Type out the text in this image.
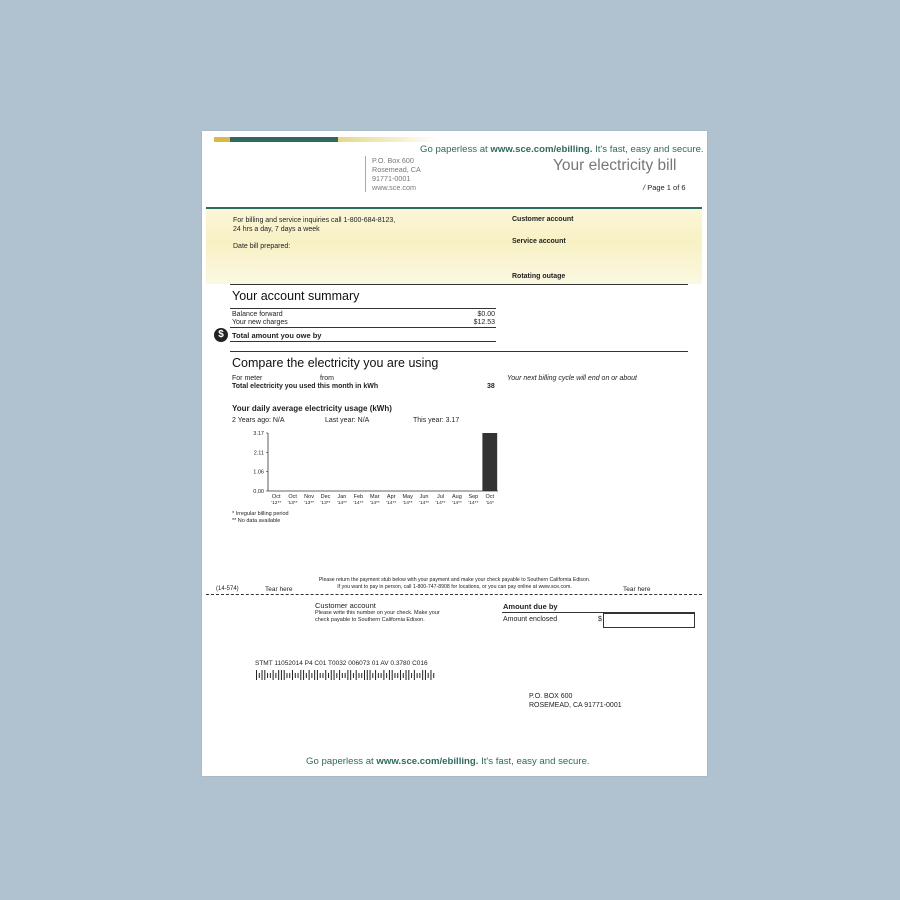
Go paperless at www.sce.com/ebilling. It's fast, easy and secure.
P.O. Box 600
Rosemead, CA
91771-0001
www.sce.com
Your electricity bill
/ Page 1 of 6
For billing and service inquiries call 1-800-684-8123,
24 hrs a day, 7 days a week
Date bill prepared:
Customer account
Service account
Rotating outage
Your account summary
Balance forward	$0.00
Your new charges	$12.53
$	Total amount you owe by
Compare the electricity you are using
For meter	from
Total electricity you used this month in kWh	38
Your next billing cycle will end on or about
Your daily average electricity usage (kWh)
2 Years ago: N/A	Last year: N/A	This year: 3.17
3.17
2.11
1.06
0.00
Oct
'12**
Oct
'13**
Nov
'13**
Dec
'13**
Jan
'14**
Feb
'14**
Mar
'14**
Apr
'14**
May
'14**
Jun
'14**
Jul
'14**
Aug
'14**
Sep
'14**
Oct
'14*
* Irregular billing period
** No data available
Please return the payment stub below with your payment and make your check payable to Southern California Edison.
If you want to pay in person, call 1-800-747-8908 for locations, or you can pay online at www.sce.com.
(14-574)	Tear here	Tear here
Customer account
Please write this number on your check. Make your
check payable to Southern California Edison.
Amount due by
Amount enclosed	$
STMT 11052014 P4 C01 T0032 006073 01 AV 0.3780 C016
P.O. BOX 600
ROSEMEAD, CA 91771-0001
Go paperless at www.sce.com/ebilling. It's fast, easy and secure.
